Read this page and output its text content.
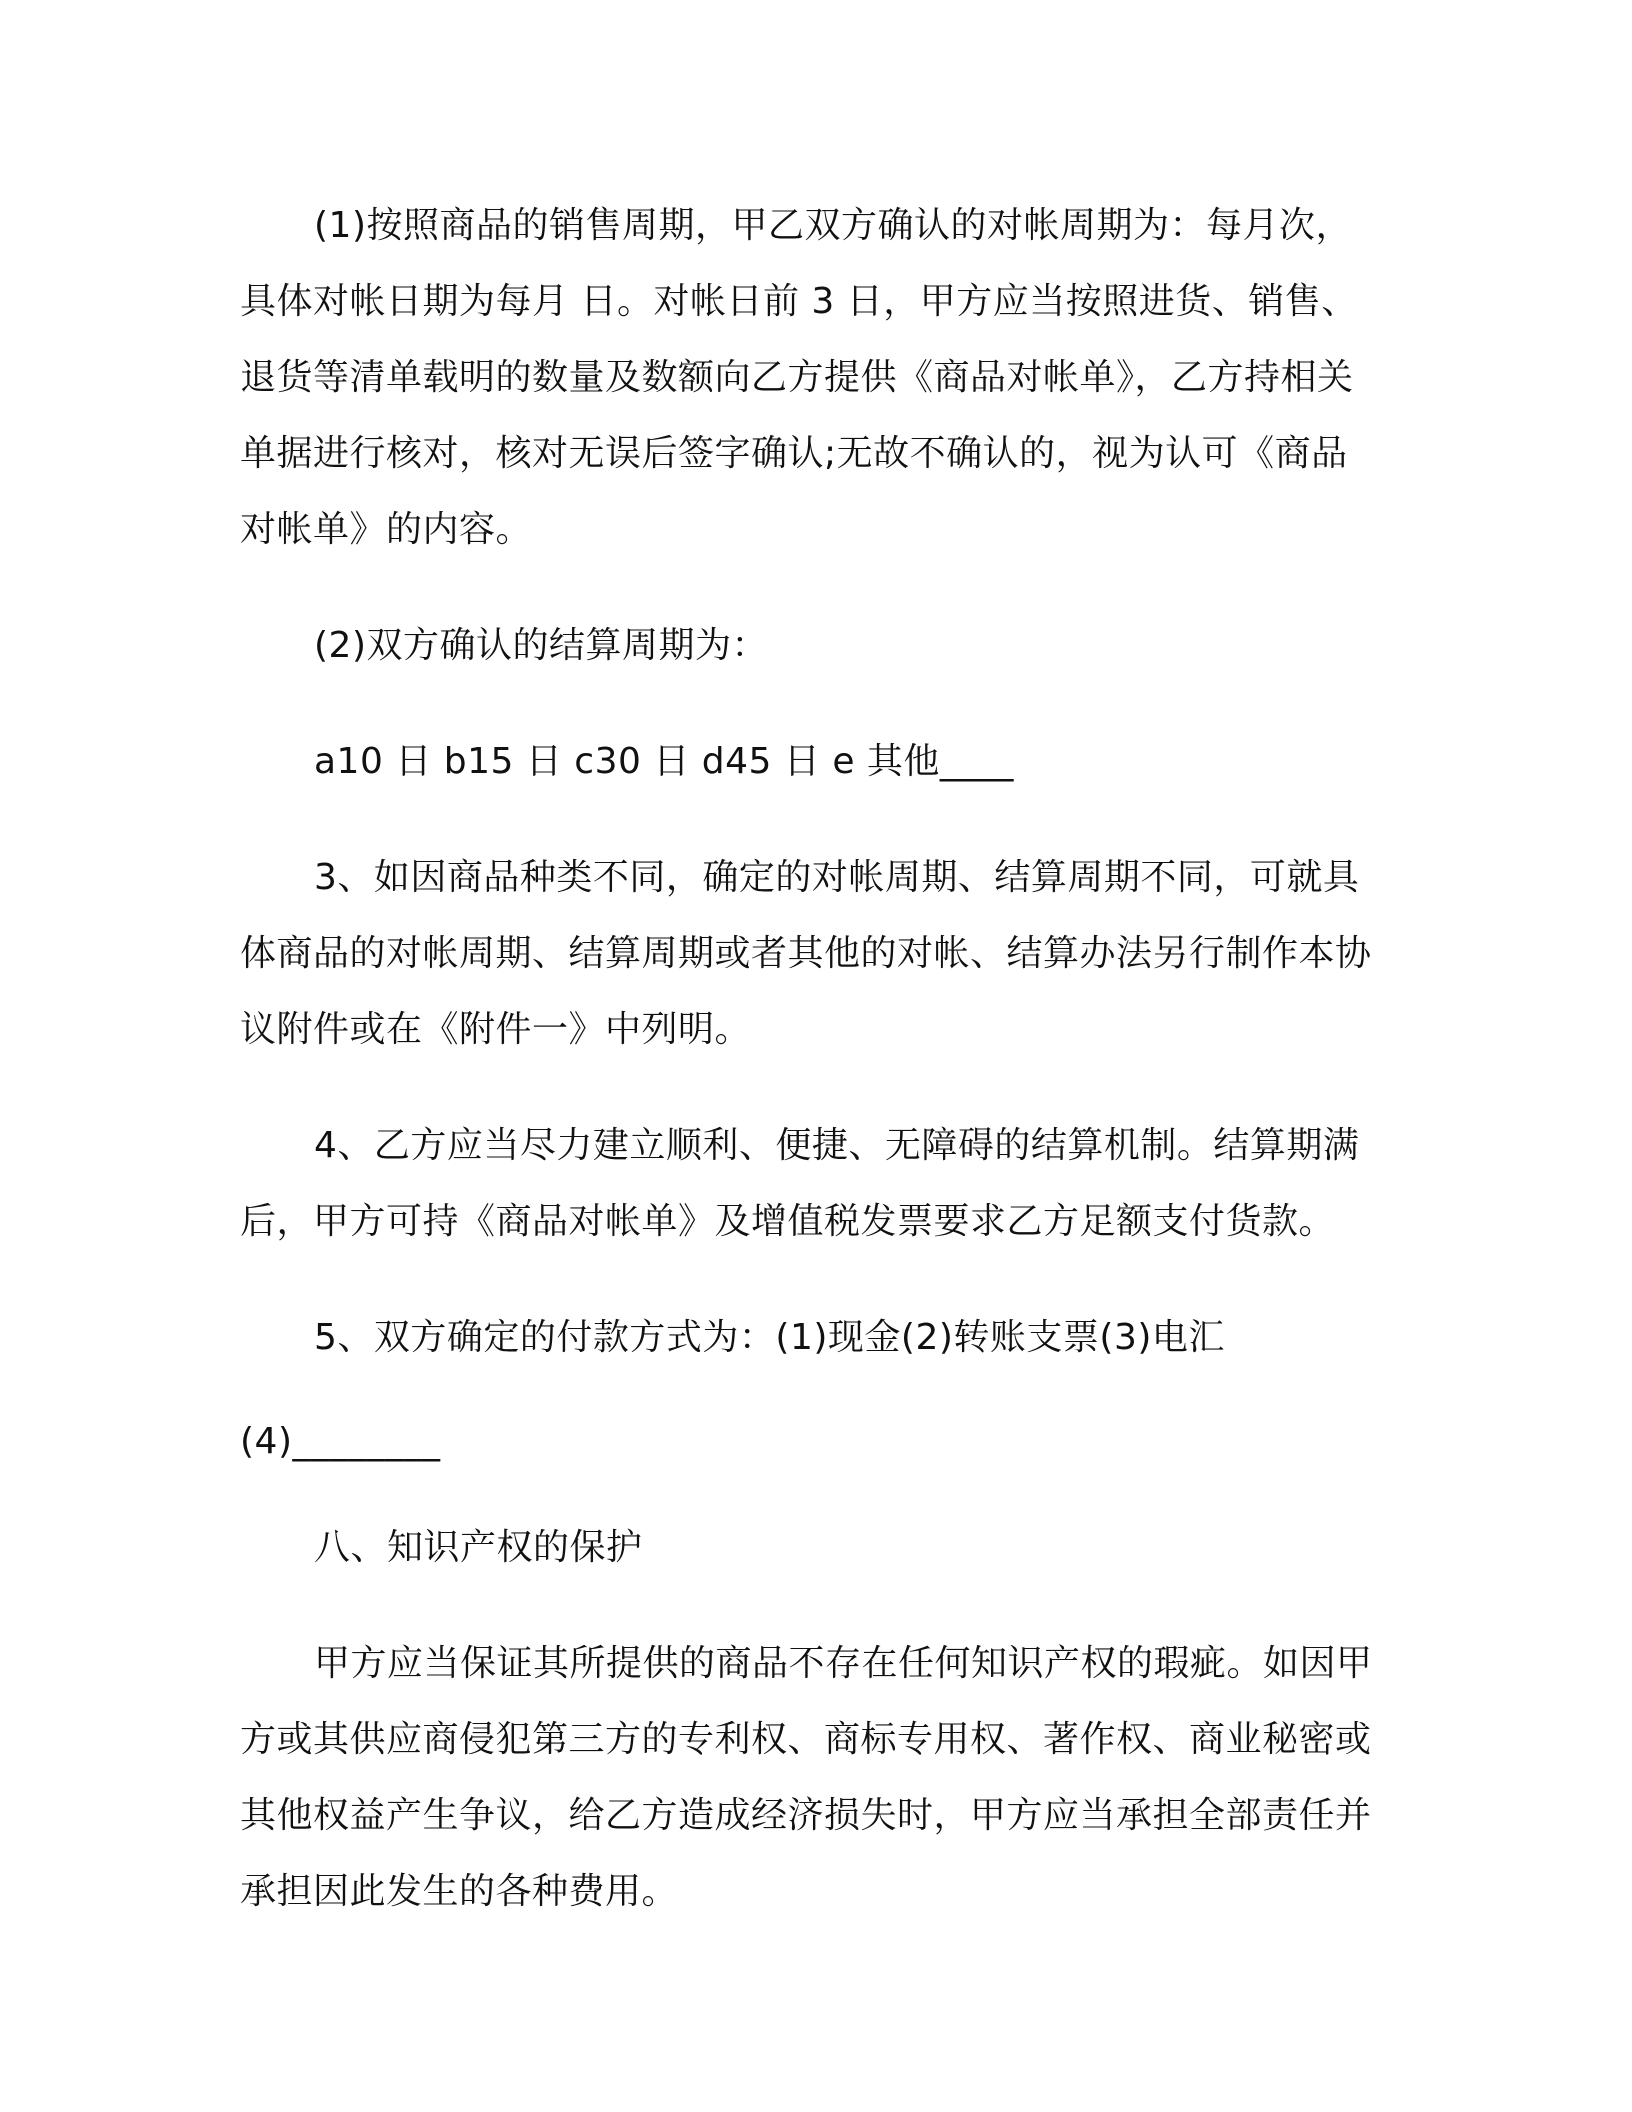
(1)按照商品的销售周期，甲乙双方确认的对帐周期为：每月次，具体对帐日期为每月 日。对帐日前 3 日，甲方应当按照进货、销售、退货等清单载明的数量及数额向乙方提供《商品对帐单》，乙方持相关单据进行核对，核对无误后签字确认;无故不确认的，视为认可《商品对帐单》的内容。

(2)双方确认的结算周期为：

a10 日 b15 日 c30 日 d45 日 e 其他____

3、如因商品种类不同，确定的对帐周期、结算周期不同，可就具体商品的对帐周期、结算周期或者其他的对帐、结算办法另行制作本协议附件或在《附件一》中列明。

4、乙方应当尽力建立顺利、便捷、无障碍的结算机制。结算期满后，甲方可持《商品对帐单》及增值税发票要求乙方足额支付货款。

5、双方确定的付款方式为：(1)现金(2)转账支票(3)电汇

(4)________

八、知识产权的保护

甲方应当保证其所提供的商品不存在任何知识产权的瑕疵。如因甲方或其供应商侵犯第三方的专利权、商标专用权、著作权、商业秘密或其他权益产生争议，给乙方造成经济损失时，甲方应当承担全部责任并承担因此发生的各种费用。
